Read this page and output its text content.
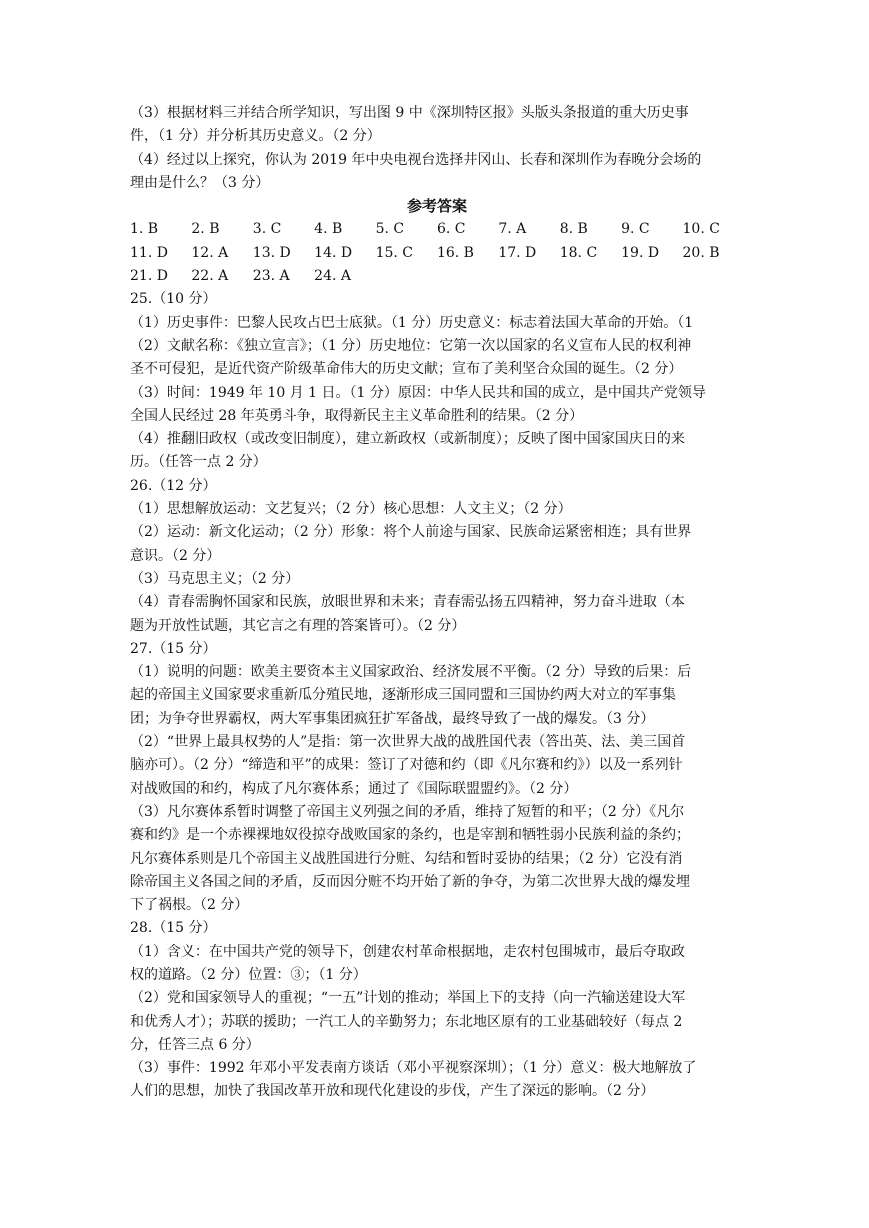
（3）根据材料三并结合所学知识，写出图 9 中《深圳特区报》头版头条报道的重大历史事
件，（1 分）并分析其历史意义。（2 分）
（4）经过以上探究，你认为 2019 年中央电视台选择井冈山、长春和深圳作为春晚分会场的
理由是什么？（3 分）
参考答案
1. B	2. B	3. C	4. B	5. C	6. C	7. A	8. B	9. C	10. C
11. D	12. A	13. D	14. D	15. C	16. B	17. D	18. C	19. D	20. B
21. D	22. A	23. A	24. A
25.（10 分）
（1）历史事件：巴黎人民攻占巴士底狱。（1 分）历史意义：标志着法国大革命的开始。（1
（2）文献名称：《独立宣言》；（1 分）历史地位：它第一次以国家的名义宣布人民的权利神
圣不可侵犯，是近代资产阶级革命伟大的历史文献；宣布了美利坚合众国的诞生。（2 分）
（3）时间：1949 年 10 月 1 日。（1 分）原因：中华人民共和国的成立，是中国共产党领导
全国人民经过 28 年英勇斗争，取得新民主主义革命胜利的结果。（2 分）
（4）推翻旧政权（或改变旧制度），建立新政权（或新制度）；反映了图中国家国庆日的来
历。（任答一点 2 分）
26.（12 分）
（1）思想解放运动：文艺复兴；（2 分）核心思想：人文主义；（2 分）
（2）运动：新文化运动；（2 分）形象：将个人前途与国家、民族命运紧密相连；具有世界
意识。（2 分）
（3）马克思主义；（2 分）
（4）青春需胸怀国家和民族，放眼世界和未来；青春需弘扬五四精神，努力奋斗进取（本
题为开放性试题，其它言之有理的答案皆可）。（2 分）
27.（15 分）
（1）说明的问题：欧美主要资本主义国家政治、经济发展不平衡。（2 分）导致的后果：后
起的帝国主义国家要求重新瓜分殖民地，逐渐形成三国同盟和三国协约两大对立的军事集
团；为争夺世界霸权，两大军事集团疯狂扩军备战，最终导致了一战的爆发。（3 分）
（2）“世界上最具权势的人”是指：第一次世界大战的战胜国代表（答出英、法、美三国首
脑亦可）。（2 分）“缔造和平”的成果：签订了对德和约（即《凡尔赛和约》）以及一系列针
对战败国的和约，构成了凡尔赛体系；通过了《国际联盟盟约》。（2 分）
（3）凡尔赛体系暂时调整了帝国主义列强之间的矛盾，维持了短暂的和平；（2 分）《凡尔
赛和约》是一个赤裸裸地奴役掠夺战败国家的条约，也是宰割和牺牲弱小民族利益的条约；
凡尔赛体系则是几个帝国主义战胜国进行分赃、勾结和暂时妥协的结果；（2 分）它没有消
除帝国主义各国之间的矛盾，反而因分赃不均开始了新的争夺，为第二次世界大战的爆发埋
下了祸根。（2 分）
28.（15 分）
（1）含义：在中国共产党的领导下，创建农村革命根据地，走农村包围城市，最后夺取政
权的道路。（2 分）位置：③；（1 分）
（2）党和国家领导人的重视；“一五”计划的推动；举国上下的支持（向一汽输送建设大军
和优秀人才）；苏联的援助；一汽工人的辛勤努力；东北地区原有的工业基础较好（每点 2
分，任答三点 6 分）
（3）事件：1992 年邓小平发表南方谈话（邓小平视察深圳）；（1 分）意义：极大地解放了
人们的思想，加快了我国改革开放和现代化建设的步伐，产生了深远的影响。（2 分）
